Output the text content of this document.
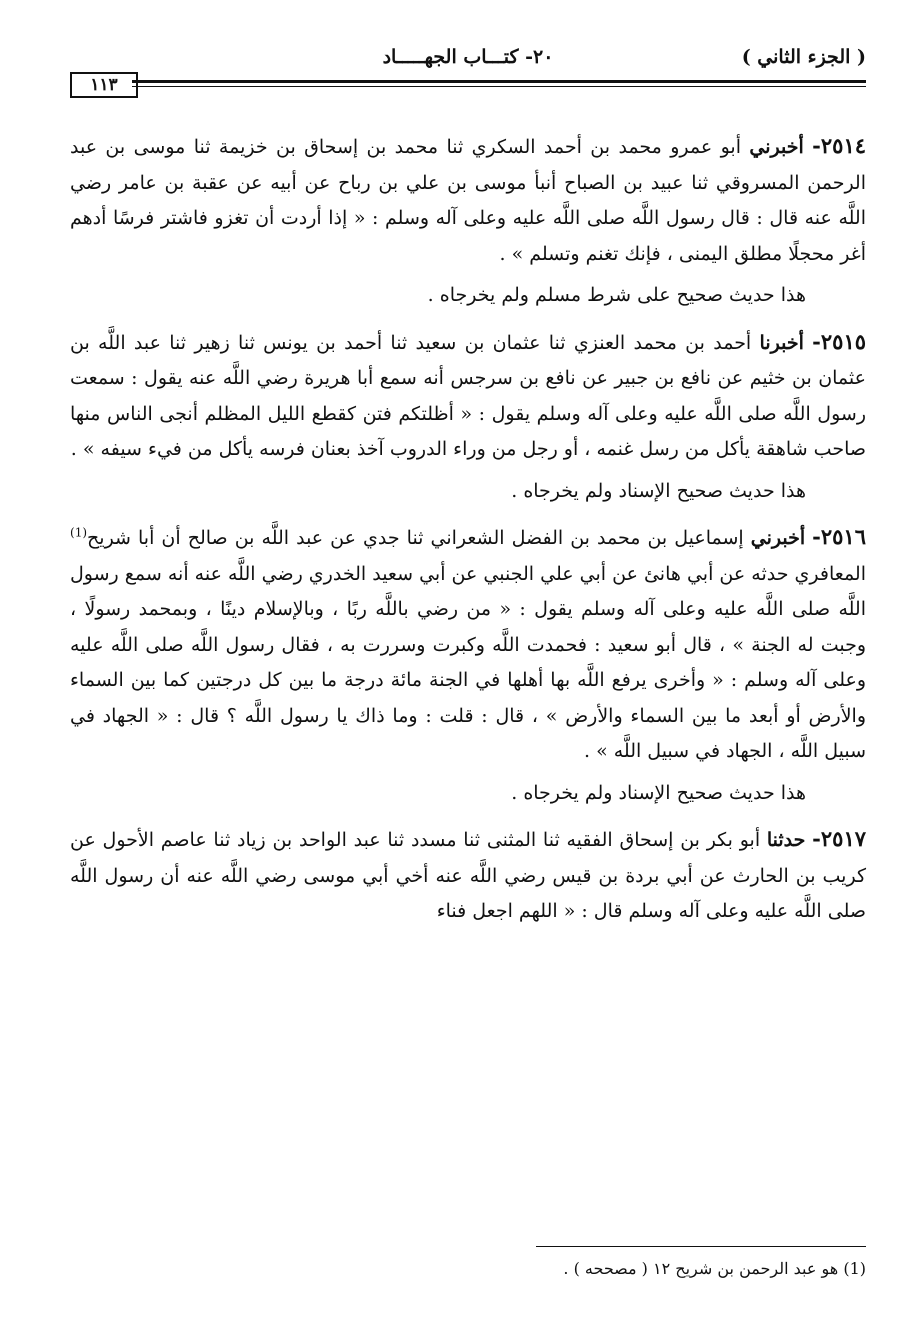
( الجزء الثاني )
٢٠- كتـــاب الجهـــــاد
١١٣

٢٥١٤- أخبرني أبو عمرو محمد بن أحمد السكري ثنا محمد بن إسحاق بن خزيمة ثنا موسى بن عبد الرحمن المسروقي ثنا عبيد بن الصباح أنبأ موسى بن علي بن رباح عن أبيه عن عقبة بن عامر رضي اللَّه عنه قال : قال رسول اللَّه صلى اللَّه عليه وعلى آله وسلم : « إذا أردت أن تغزو فاشتر فرسًا أدهم أغر محجلًا مطلق اليمنى ، فإنك تغنم وتسلم » .

هذا حديث صحيح على شرط مسلم ولم يخرجاه .

٢٥١٥- أخبرنا أحمد بن محمد العنزي ثنا عثمان بن سعيد ثنا أحمد بن يونس ثنا زهير ثنا عبد اللَّه بن عثمان بن خثيم عن نافع بن جبير عن نافع بن سرجس أنه سمع أبا هريرة رضي اللَّه عنه يقول : سمعت رسول اللَّه صلى اللَّه عليه وعلى آله وسلم يقول : « أظلتكم فتن كقطع الليل المظلم أنجى الناس منها صاحب شاهقة يأكل من رسل غنمه ، أو رجل من وراء الدروب آخذ بعنان فرسه يأكل من فيء سيفه » .

هذا حديث صحيح الإسناد ولم يخرجاه .

٢٥١٦- أخبرني إسماعيل بن محمد بن الفضل الشعراني ثنا جدي عن عبد اللَّه بن صالح أن أبا شريح$^{(1)}$ المعافري حدثه عن أبي هانئ عن أبي علي الجنبي عن أبي سعيد الخدري رضي اللَّه عنه أنه سمع رسول اللَّه صلى اللَّه عليه وعلى آله وسلم يقول : « من رضي باللَّه ربًا ، وبالإسلام دينًا ، وبمحمد رسولًا ، وجبت له الجنة » ، قال أبو سعيد : فحمدت اللَّه وكبرت وسررت به ، فقال رسول اللَّه صلى اللَّه عليه وعلى آله وسلم : « وأخرى يرفع اللَّه بها أهلها في الجنة مائة درجة ما بين كل درجتين كما بين السماء والأرض أو أبعد ما بين السماء والأرض » ، قال : قلت : وما ذاك يا رسول اللَّه ؟ قال : « الجهاد في سبيل اللَّه ، الجهاد في سبيل اللَّه » .

هذا حديث صحيح الإسناد ولم يخرجاه .

٢٥١٧- حدثنا أبو بكر بن إسحاق الفقيه ثنا المثنى ثنا مسدد ثنا عبد الواحد بن زياد ثنا عاصم الأحول عن كريب بن الحارث عن أبي بردة بن قيس رضي اللَّه عنه أخي أبي موسى رضي اللَّه عنه أن رسول اللَّه صلى اللَّه عليه وعلى آله وسلم قال : « اللهم اجعل فناء

(1) هو عبد الرحمن بن شريح ١٢ ( مصححه ) .
